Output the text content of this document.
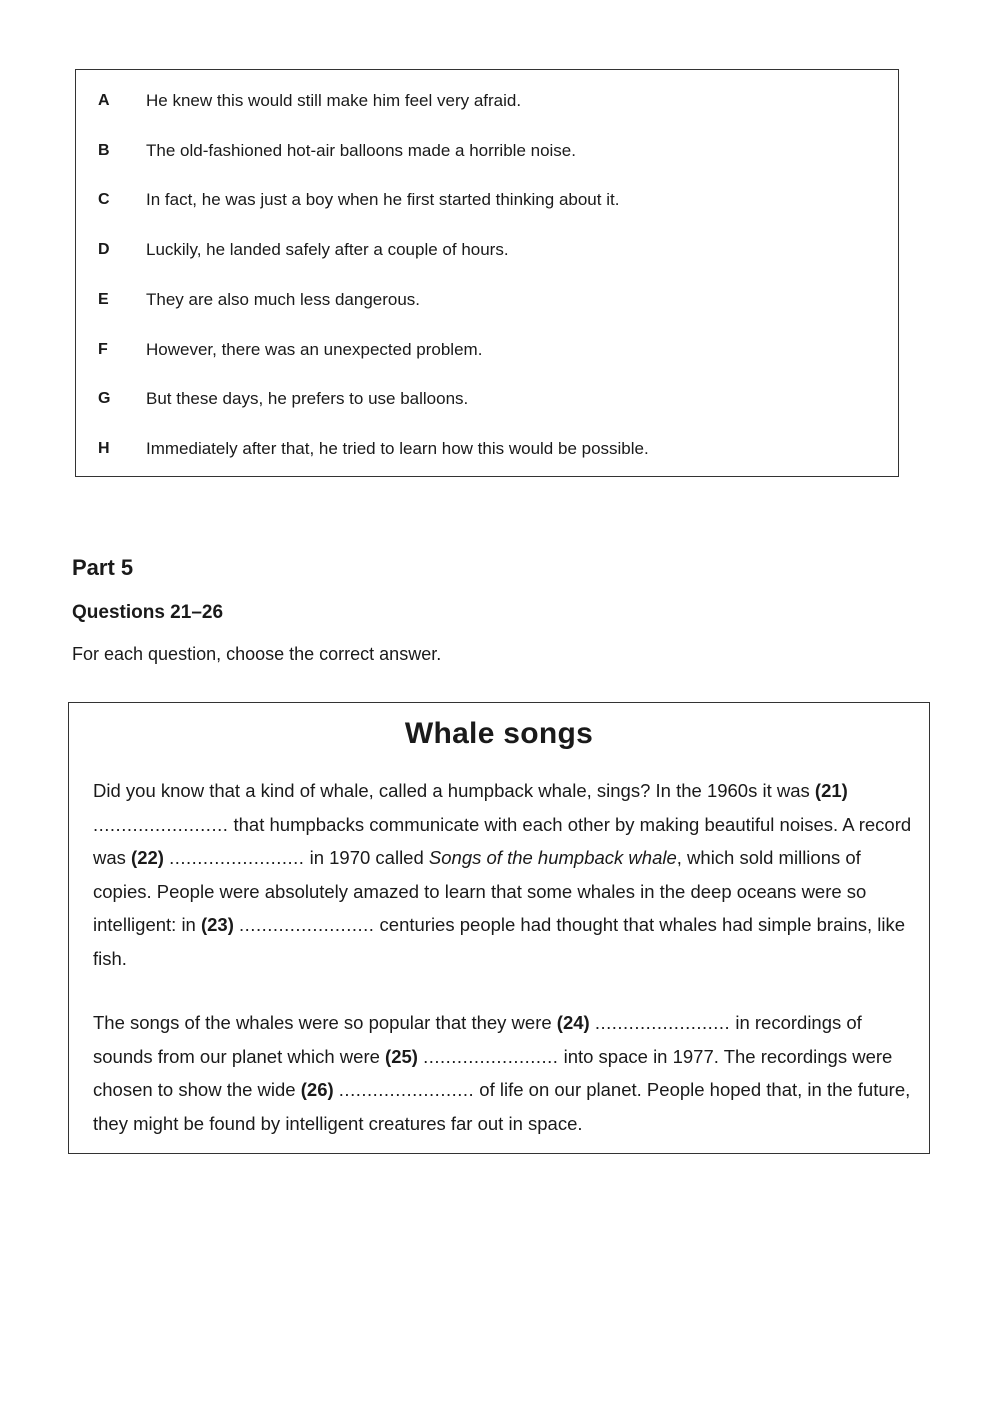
A He knew this would still make him feel very afraid.
B The old-fashioned hot-air balloons made a horrible noise.
C In fact, he was just a boy when he first started thinking about it.
D Luckily, he landed safely after a couple of hours.
E They are also much less dangerous.
F However, there was an unexpected problem.
G But these days, he prefers to use balloons.
H Immediately after that, he tried to learn how this would be possible.
Part 5
Questions 21–26

For each question, choose the correct answer.

Whale songs

Did you know that a kind of whale, called a humpback whale, sings? In the 1960s it was (21) ........................ that humpbacks communicate with each other by making beautiful noises. A record was (22) ........................ in 1970 called Songs of the humpback whale, which sold millions of copies. People were absolutely amazed to learn that some whales in the deep oceans were so intelligent: in (23) ........................ centuries people had thought that whales had simple brains, like fish.

The songs of the whales were so popular that they were (24) ........................ in recordings of sounds from our planet which were (25) ........................ into space in 1977. The recordings were chosen to show the wide (26) ........................ of life on our planet. People hoped that, in the future, they might be found by intelligent creatures far out in space.
